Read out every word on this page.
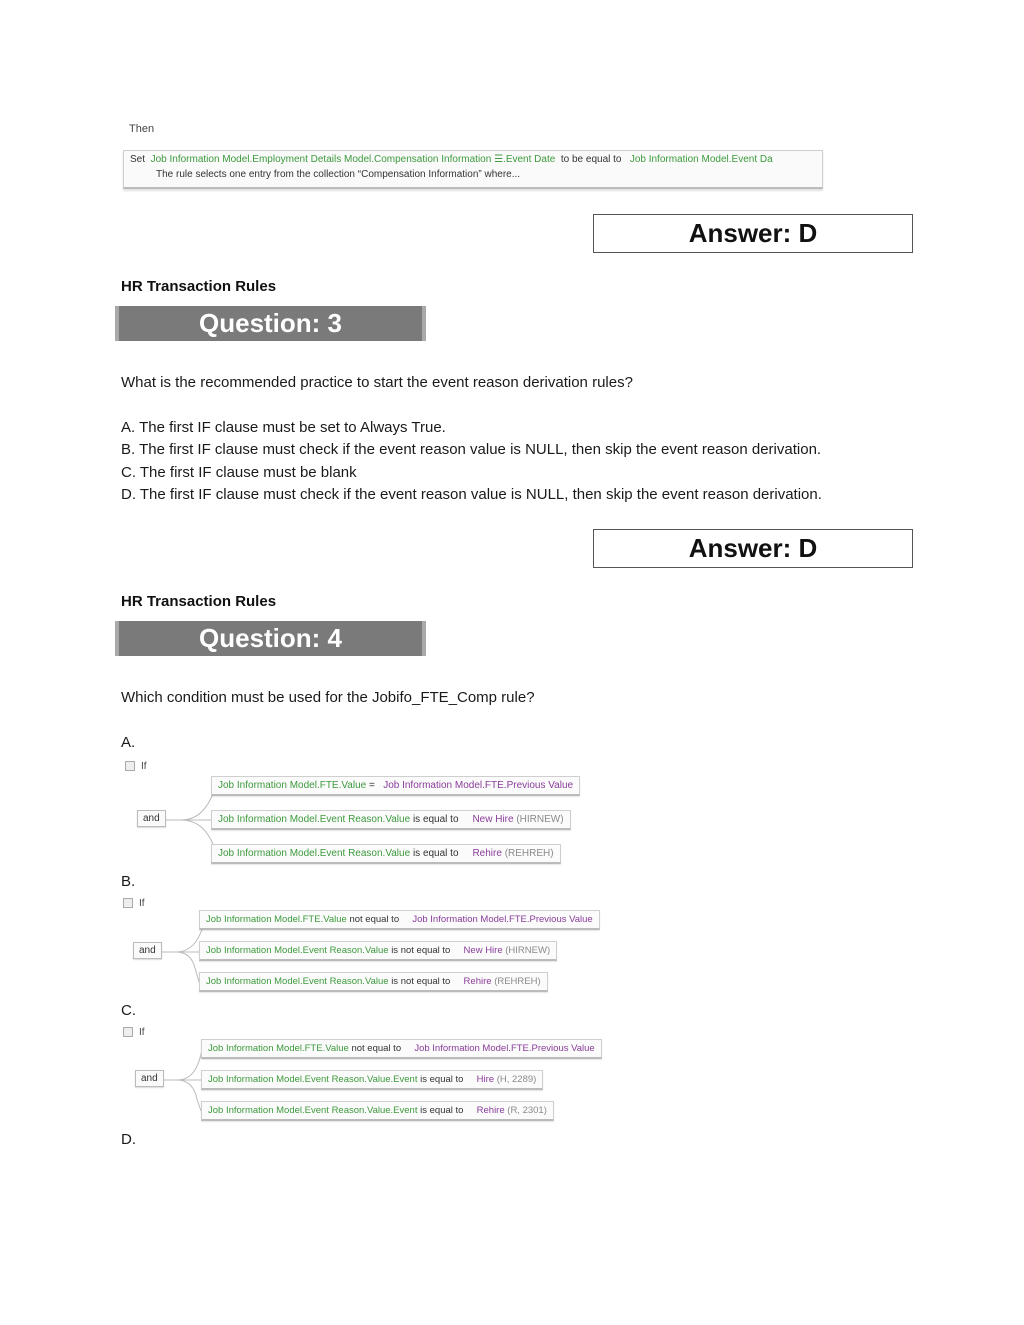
Then
Set Job Information Model.Employment Details Model.Compensation Information ☰.Event Date to be equal to Job Information Model.Event Da
The rule selects one entry from the collection “Compensation Information” where...
Answer: D
HR Transaction Rules
Question: 3
What is the recommended practice to start the event reason derivation rules?
A. The first IF clause must be set to Always True.
B. The first IF clause must check if the event reason value is NULL, then skip the event reason derivation.
C. The first IF clause must be blank
D. The first IF clause must check if the event reason value is NULL, then skip the event reason derivation.
Answer: D
HR Transaction Rules
Question: 4
Which condition must be used for the Jobifo_FTE_Comp rule?
A.
If
and
Job Information Model.FTE.Value = Job Information Model.FTE.Previous Value
Job Information Model.Event Reason.Value is equal to New Hire (HIRNEW)
Job Information Model.Event Reason.Value is equal to Rehire (REHREH)
B.
If
and
Job Information Model.FTE.Value not equal to Job Information Model.FTE.Previous Value
Job Information Model.Event Reason.Value is not equal to New Hire (HIRNEW)
Job Information Model.Event Reason.Value is not equal to Rehire (REHREH)
C.
If
and
Job Information Model.FTE.Value not equal to Job Information Model.FTE.Previous Value
Job Information Model.Event Reason.Value.Event is equal to Hire (H, 2289)
Job Information Model.Event Reason.Value.Event is equal to Rehire (R, 2301)
D.
